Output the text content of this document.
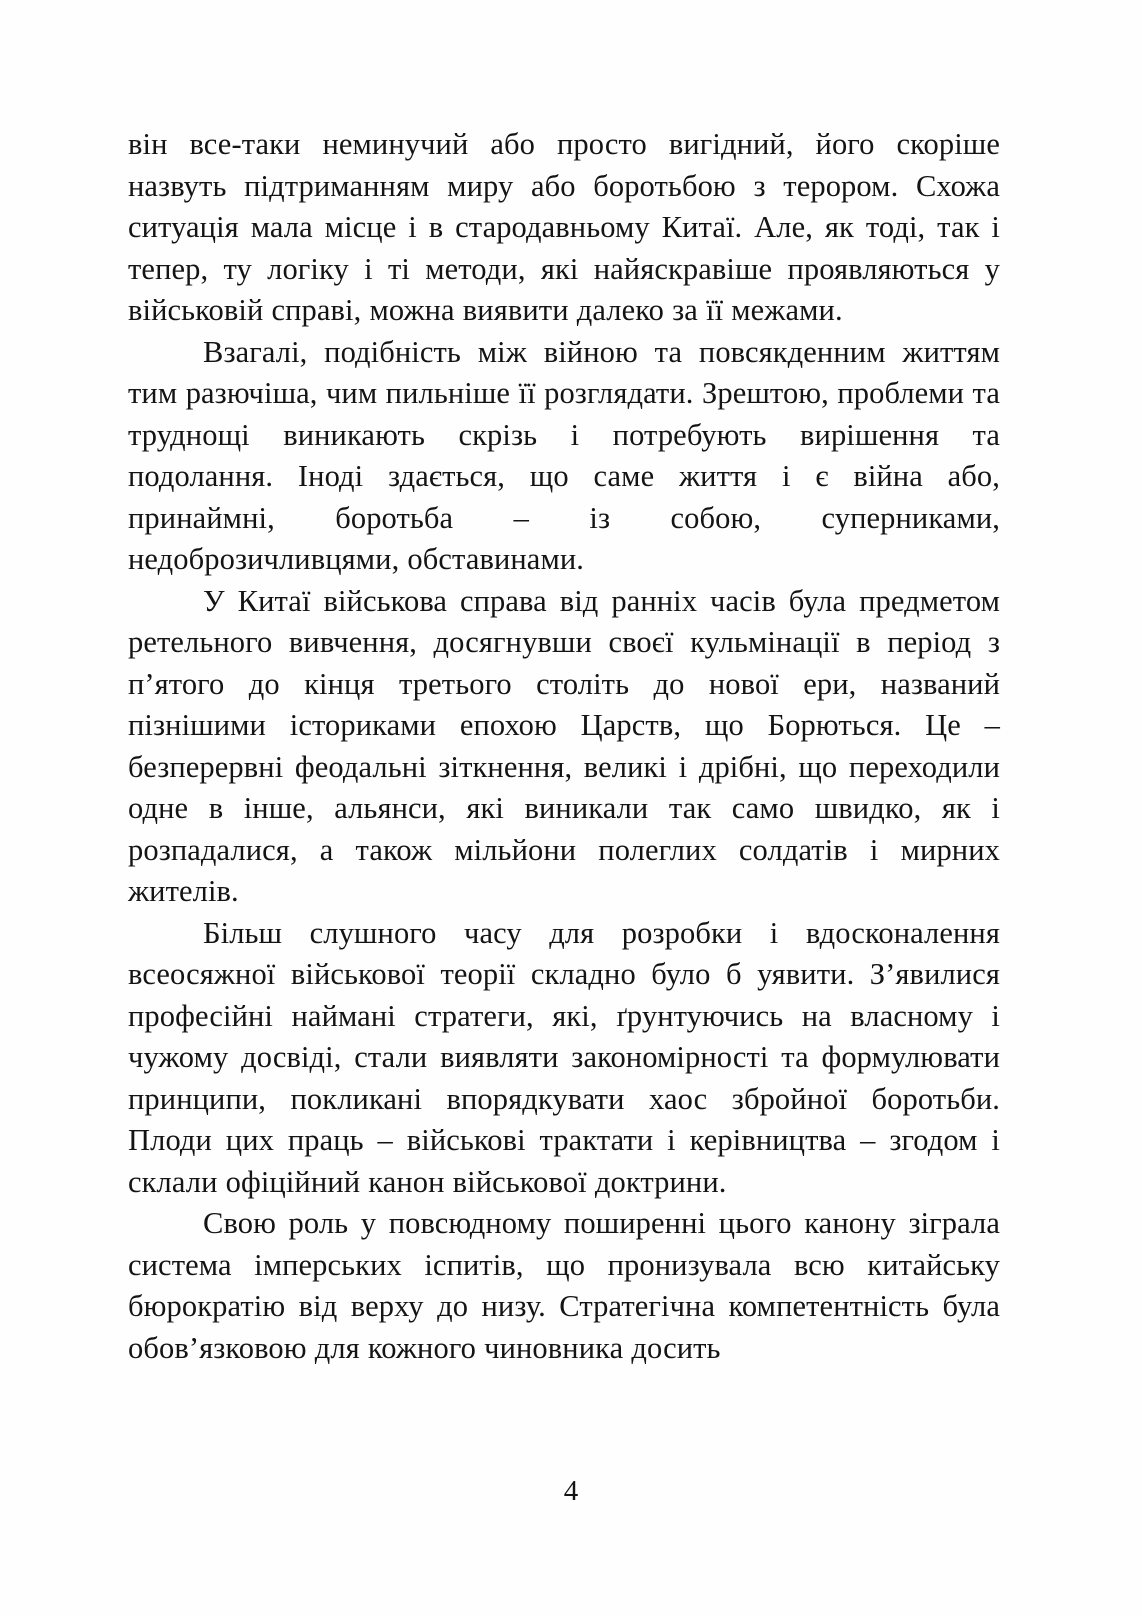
він все-таки неминучий або просто вигідний, його скоріше назвуть підтриманням миру або боротьбою з терором. Схожа ситуація мала місце і в стародавньому Китаї. Але, як тоді, так і тепер, ту логіку і ті методи, які найяскравіше проявляються у військовій справі, можна виявити далеко за її межами.

Взагалі, подібність між війною та повсякденним життям тим разючіша, чим пильніше її розглядати. Зрештою, проблеми та труднощі виникають скрізь і потребують вирішення та подолання. Іноді здається, що саме життя і є війна або, принаймні, боротьба – із собою, суперниками, недоброзичливцями, обставинами.

У Китаї військова справа від ранніх часів була предметом ретельного вивчення, досягнувши своєї кульмінації в період з п’ятого до кінця третього століть до нової ери, названий пізнішими істориками епохою Царств, що Борються. Це – безперервні феодальні зіткнення, великі і дрібні, що переходили одне в інше, альянси, які виникали так само швидко, як і розпадалися, а також мільйони полеглих солдатів і мирних жителів.

Більш слушного часу для розробки і вдосконалення всеосяжної військової теорії складно було б уявити. З’явилися професійні наймані стратеги, які, ґрунтуючись на власному і чужому досвіді, стали виявляти закономірності та формулювати принципи, покликані впорядкувати хаос збройної боротьби. Плоди цих праць – військові трактати і керівництва – згодом і склали офіційний канон військової доктрини.

Свою роль у повсюдному поширенні цього канону зіграла система імперських іспитів, що пронизувала всю китайську бюрократію від верху до низу. Стратегічна компетентність була обов’язковою для кожного чиновника досить

4
